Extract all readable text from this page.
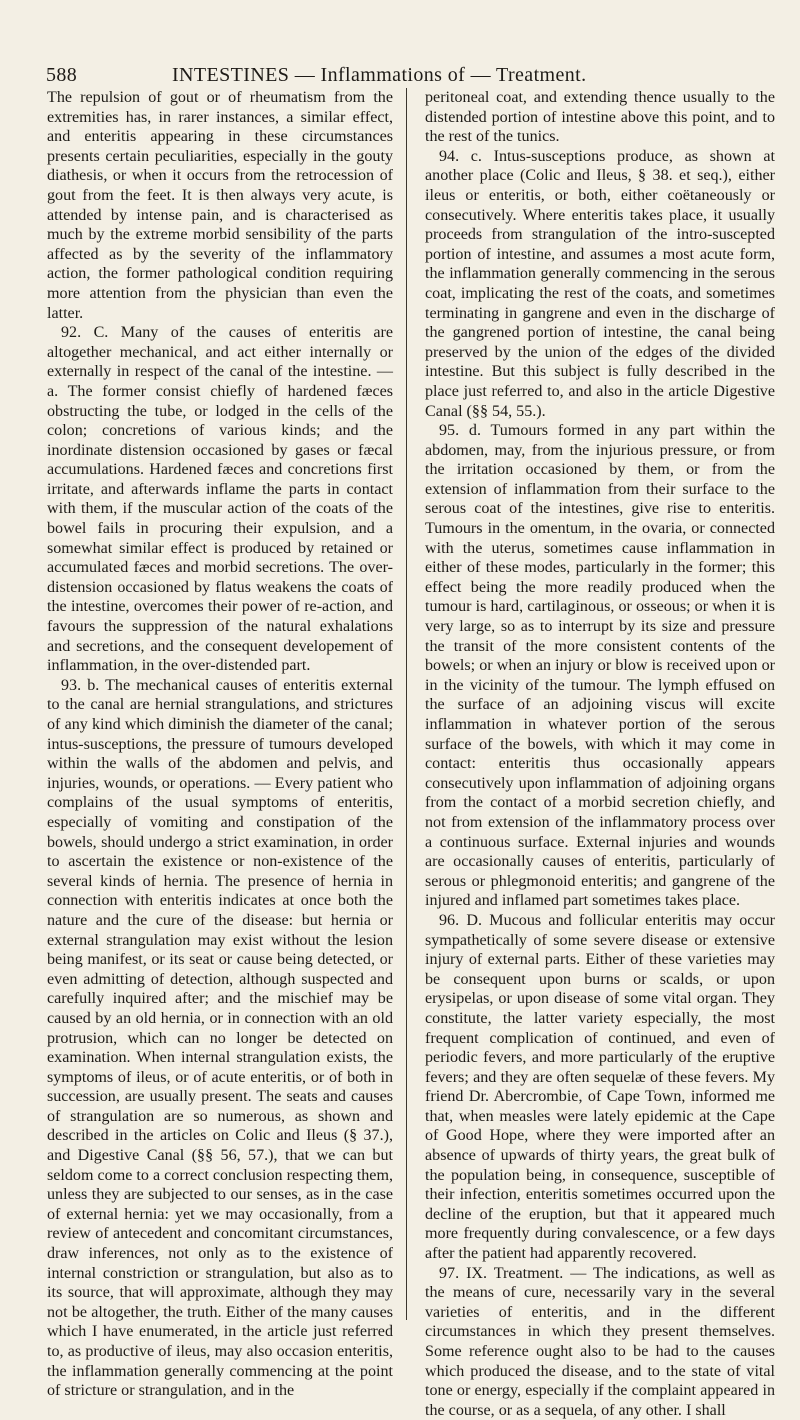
588	INTESTINES — Inflammations of — Treatment.

The repulsion of gout or of rheumatism from the extremities has, in rarer instances, a similar effect, and enteritis appearing in these circumstances presents certain peculiarities, especially in the gouty diathesis, or when it occurs from the retrocession of gout from the feet. It is then always very acute, is attended by intense pain, and is characterised as much by the extreme morbid sensibility of the parts affected as by the severity of the inflammatory action, the former pathological condition requiring more attention from the physician than even the latter.

92. C. Many of the causes of enteritis are altogether mechanical, and act either internally or externally in respect of the canal of the intestine. — a. The former consist chiefly of hardened fæces obstructing the tube, or lodged in the cells of the colon; concretions of various kinds; and the inordinate distension occasioned by gases or fæcal accumulations. Hardened fæces and concretions first irritate, and afterwards inflame the parts in contact with them, if the muscular action of the coats of the bowel fails in procuring their expulsion, and a somewhat similar effect is produced by retained or accumulated fæces and morbid secretions. The over-distension occasioned by flatus weakens the coats of the intestine, overcomes their power of re-action, and favours the suppression of the natural exhalations and secretions, and the consequent developement of inflammation, in the over-distended part.

93. b. The mechanical causes of enteritis external to the canal are hernial strangulations, and strictures of any kind which diminish the diameter of the canal; intus-susceptions, the pressure of tumours developed within the walls of the abdomen and pelvis, and injuries, wounds, or operations. — Every patient who complains of the usual symptoms of enteritis, especially of vomiting and constipation of the bowels, should undergo a strict examination, in order to ascertain the existence or non-existence of the several kinds of hernia. The presence of hernia in connection with enteritis indicates at once both the nature and the cure of the disease: but hernia or external strangulation may exist without the lesion being manifest, or its seat or cause being detected, or even admitting of detection, although suspected and carefully inquired after; and the mischief may be caused by an old hernia, or in connection with an old protrusion, which can no longer be detected on examination. When internal strangulation exists, the symptoms of ileus, or of acute enteritis, or of both in succession, are usually present. The seats and causes of strangulation are so numerous, as shown and described in the articles on Colic and Ileus (§ 37.), and Digestive Canal (§§ 56, 57.), that we can but seldom come to a correct conclusion respecting them, unless they are subjected to our senses, as in the case of external hernia: yet we may occasionally, from a review of antecedent and concomitant circumstances, draw inferences, not only as to the existence of internal constriction or strangulation, but also as to its source, that will approximate, although they may not be altogether, the truth. Either of the many causes which I have enumerated, in the article just referred to, as productive of ileus, may also occasion enteritis, the inflammation generally commencing at the point of stricture or strangulation, and in the

peritoneal coat, and extending thence usually to the distended portion of intestine above this point, and to the rest of the tunics.

94. c. Intus-susceptions produce, as shown at another place (Colic and Ileus, § 38. et seq.), either ileus or enteritis, or both, either coëtaneously or consecutively. Where enteritis takes place, it usually proceeds from strangulation of the intro-suscepted portion of intestine, and assumes a most acute form, the inflammation generally commencing in the serous coat, implicating the rest of the coats, and sometimes terminating in gangrene and even in the discharge of the gangrened portion of intestine, the canal being preserved by the union of the edges of the divided intestine. But this subject is fully described in the place just referred to, and also in the article Digestive Canal (§§ 54, 55.).

95. d. Tumours formed in any part within the abdomen, may, from the injurious pressure, or from the irritation occasioned by them, or from the extension of inflammation from their surface to the serous coat of the intestines, give rise to enteritis. Tumours in the omentum, in the ovaria, or connected with the uterus, sometimes cause inflammation in either of these modes, particularly in the former; this effect being the more readily produced when the tumour is hard, cartilaginous, or osseous; or when it is very large, so as to interrupt by its size and pressure the transit of the more consistent contents of the bowels; or when an injury or blow is received upon or in the vicinity of the tumour. The lymph effused on the surface of an adjoining viscus will excite inflammation in whatever portion of the serous surface of the bowels, with which it may come in contact: enteritis thus occasionally appears consecutively upon inflammation of adjoining organs from the contact of a morbid secretion chiefly, and not from extension of the inflammatory process over a continuous surface. External injuries and wounds are occasionally causes of enteritis, particularly of serous or phlegmonoid enteritis; and gangrene of the injured and inflamed part sometimes takes place.

96. D. Mucous and follicular enteritis may occur sympathetically of some severe disease or extensive injury of external parts. Either of these varieties may be consequent upon burns or scalds, or upon erysipelas, or upon disease of some vital organ. They constitute, the latter variety especially, the most frequent complication of continued, and even of periodic fevers, and more particularly of the eruptive fevers; and they are often sequelæ of these fevers. My friend Dr. Abercrombie, of Cape Town, informed me that, when measles were lately epidemic at the Cape of Good Hope, where they were imported after an absence of upwards of thirty years, the great bulk of the population being, in consequence, susceptible of their infection, enteritis sometimes occurred upon the decline of the eruption, but that it appeared much more frequently during convalescence, or a few days after the patient had apparently recovered.

97. IX. Treatment. — The indications, as well as the means of cure, necessarily vary in the several varieties of enteritis, and in the different circumstances in which they present themselves. Some reference ought also to be had to the causes which produced the disease, and to the state of vital tone or energy, especially if the complaint appeared in the course, or as a sequela, of any other. I shall
